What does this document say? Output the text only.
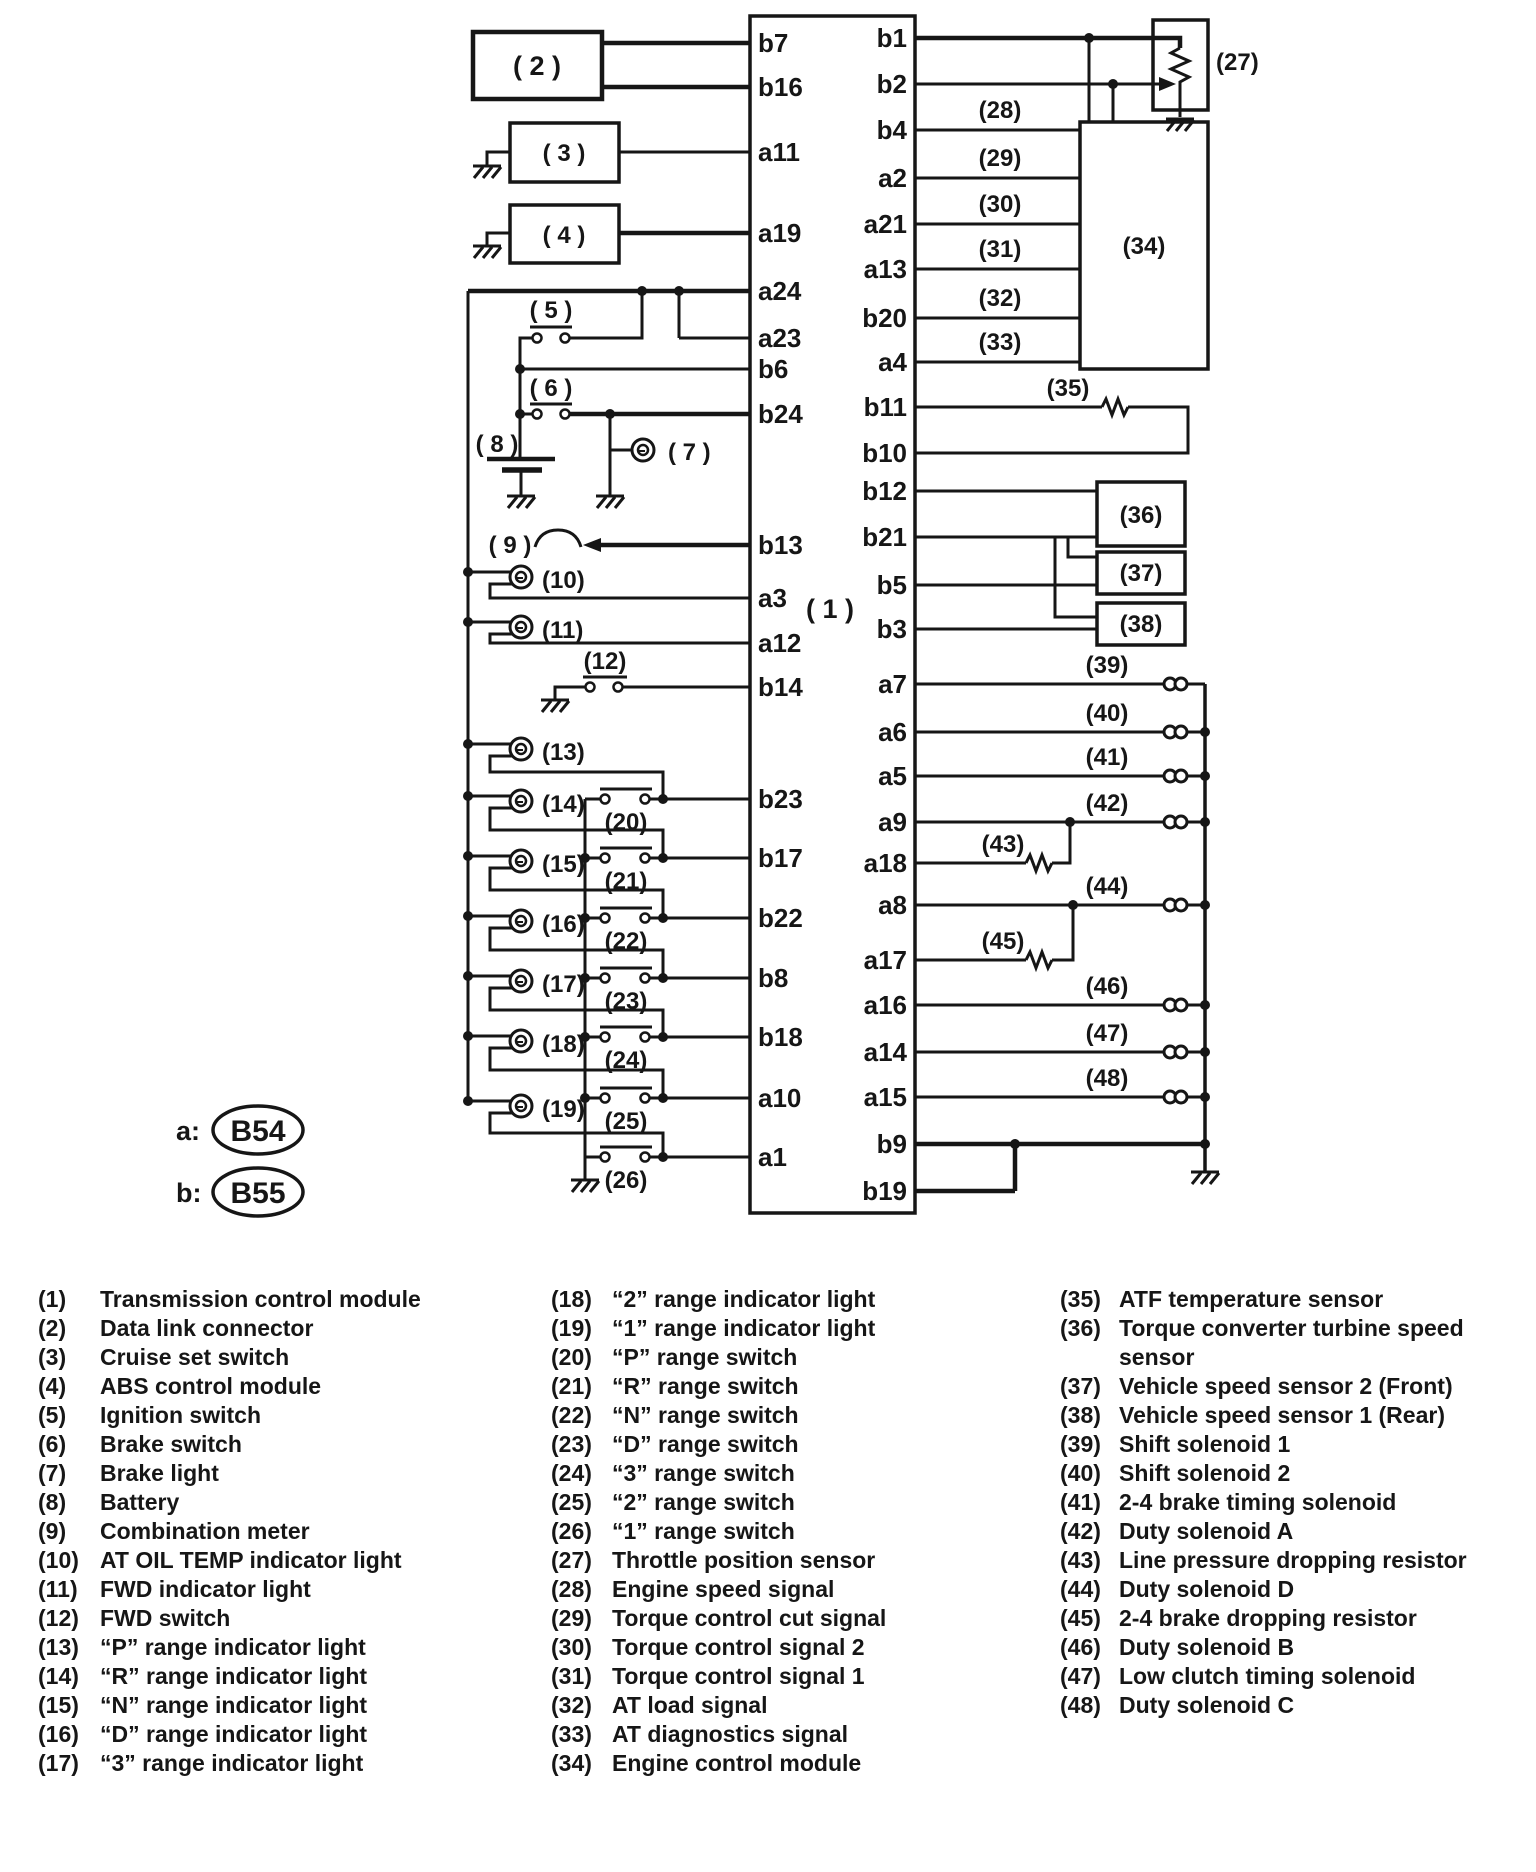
b7
b16
a11
a19
a24
a23
b6
b24
b13
a3
a12
b14
b23
b17
b22
b8
b18
a10
a1
b1
b2
b4
a2
a21
a13
b20
a4
b11
b10
b12
b21
b5
b3
a7
a6
a5
a9
a18
a8
a17
a16
a14
a15
b9
b19
( 1 )
( 2 )
( 3 )
( 4 )
( 5 )
( 6 )
( 7 )
( 8 )
( 9 )
(10)
(11)
(12)
(13)
(14)
(15)
(16)
(17)
(18)
(19)
(20)
(21)
(22)
(23)
(24)
(25)
(26)
(27)
(28)
(29)
(30)
(31)
(32)
(33)
(34)
(35)
(36)
(37)
(38)
(39)
(40)
(41)
(42)
(43)
(44)
(45)
(46)
(47)
(48)
a: B54
b: B55
(1) Transmission control module
(2) Data link connector
(3) Cruise set switch
(4) ABS control module
(5) Ignition switch
(6) Brake switch
(7) Brake light
(8) Battery
(9) Combination meter
(10) AT OIL TEMP indicator light
(11) FWD indicator light
(12) FWD switch
(13) “P” range indicator light
(14) “R” range indicator light
(15) “N” range indicator light
(16) “D” range indicator light
(17) “3” range indicator light
(18) “2” range indicator light
(19) “1” range indicator light
(20) “P” range switch
(21) “R” range switch
(22) “N” range switch
(23) “D” range switch
(24) “3” range switch
(25) “2” range switch
(26) “1” range switch
(27) Throttle position sensor
(28) Engine speed signal
(29) Torque control cut signal
(30) Torque control signal 2
(31) Torque control signal 1
(32) AT load signal
(33) AT diagnostics signal
(34) Engine control module
(35) ATF temperature sensor
(36) Torque converter turbine speed
sensor
(37) Vehicle speed sensor 2 (Front)
(38) Vehicle speed sensor 1 (Rear)
(39) Shift solenoid 1
(40) Shift solenoid 2
(41) 2-4 brake timing solenoid
(42) Duty solenoid A
(43) Line pressure dropping resistor
(44) Duty solenoid D
(45) 2-4 brake dropping resistor
(46) Duty solenoid B
(47) Low clutch timing solenoid
(48) Duty solenoid C
